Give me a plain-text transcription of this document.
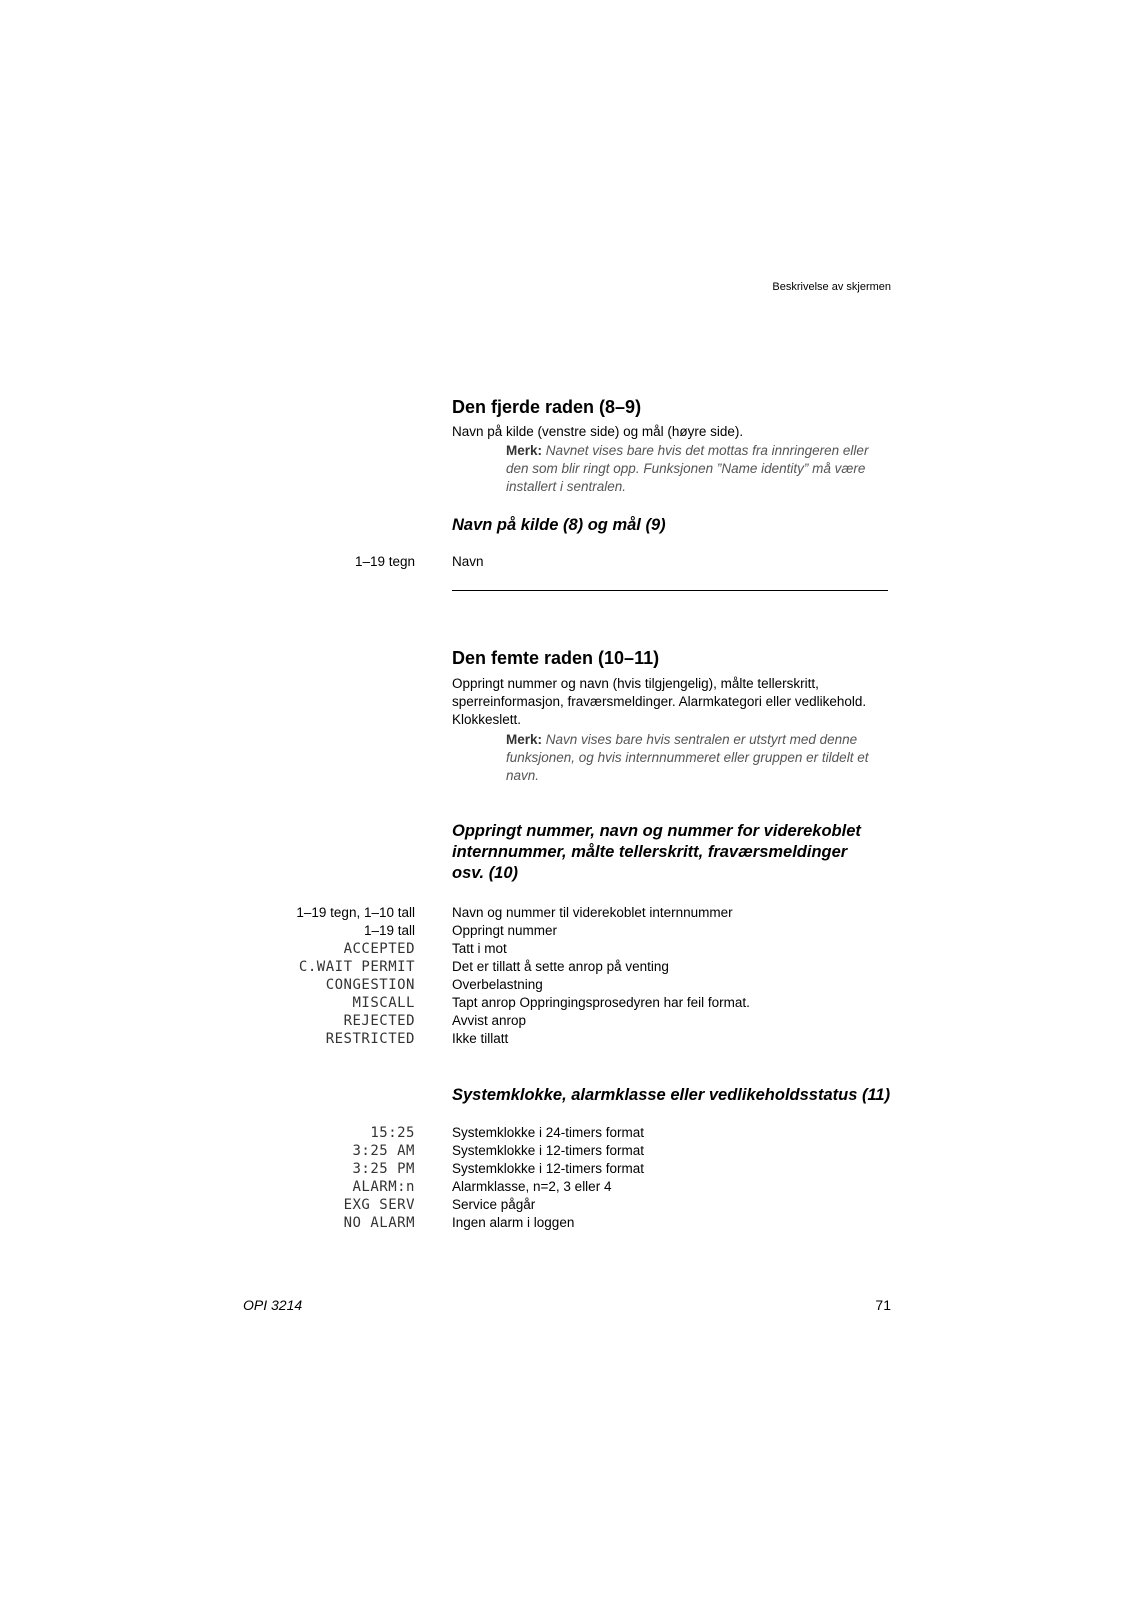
Beskrivelse av skjermen
Den fjerde raden (8–9)
Navn på kilde (venstre side) og mål (høyre side).
Merk: Navnet vises bare hvis det mottas fra innringeren eller
den som blir ringt opp. Funksjonen ”Name identity” må være
installert i sentralen.
Navn på kilde (8) og mål (9)
1–19 tegn	Navn
Den femte raden (10–11)
Oppringt nummer og navn (hvis tilgjengelig), målte tellerskritt,
sperreinformasjon, fraværsmeldinger. Alarmkategori eller vedlikehold.
Klokkeslett.
Merk: Navn vises bare hvis sentralen er utstyrt med denne
funksjonen, og hvis internnummeret eller gruppen er tildelt et
navn.
Oppringt nummer, navn og nummer for viderekoblet
internnummer, målte tellerskritt, fraværsmeldinger
osv. (10)
1–19 tegn, 1–10 tall	Navn og nummer til viderekoblet internnummer
1–19 tall	Oppringt nummer
ACCEPTED	Tatt i mot
C.WAIT PERMIT	Det er tillatt å sette anrop på venting
CONGESTION	Overbelastning
MISCALL	Tapt anrop Oppringingsprosedyren har feil format.
REJECTED	Avvist anrop
RESTRICTED	Ikke tillatt
Systemklokke, alarmklasse eller vedlikeholdsstatus (11)
15:25	Systemklokke i 24-timers format
3:25 AM	Systemklokke i 12-timers format
3:25 PM	Systemklokke i 12-timers format
ALARM:n	Alarmklasse, n=2, 3 eller 4
EXG SERV	Service pågår
NO ALARM	Ingen alarm i loggen
OPI 3214	71
